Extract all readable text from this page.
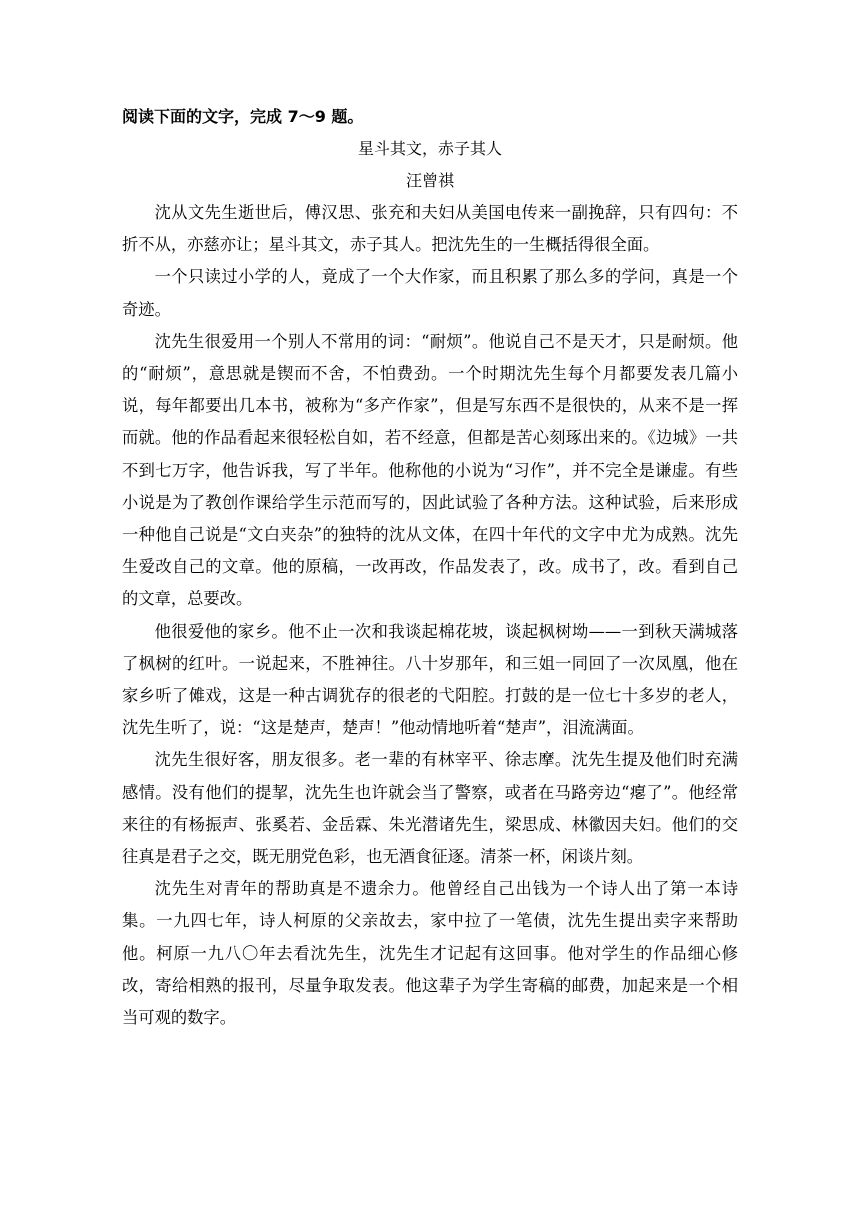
阅读下面的文字，完成 7～9 题。

星斗其文，赤子其人

汪曾祺

沈从文先生逝世后，傅汉思、张充和夫妇从美国电传来一副挽辞，只有四句：不折不从，亦慈亦让；星斗其文，赤子其人。把沈先生的一生概括得很全面。

一个只读过小学的人，竟成了一个大作家，而且积累了那么多的学问，真是一个奇迹。

沈先生很爱用一个别人不常用的词：“耐烦”。他说自己不是天才，只是耐烦。他的“耐烦”，意思就是锲而不舍，不怕费劲。一个时期沈先生每个月都要发表几篇小说，每年都要出几本书，被称为“多产作家”，但是写东西不是很快的，从来不是一挥而就。他的作品看起来很轻松自如，若不经意，但都是苦心刻琢出来的。《边城》一共不到七万字，他告诉我，写了半年。他称他的小说为“习作”，并不完全是谦虚。有些小说是为了教创作课给学生示范而写的，因此试验了各种方法。这种试验，后来形成一种他自己说是“文白夹杂”的独特的沈从文体，在四十年代的文字中尤为成熟。沈先生爱改自己的文章。他的原稿，一改再改，作品发表了，改。成书了，改。看到自己的文章，总要改。

他很爱他的家乡。他不止一次和我谈起棉花坡，谈起枫树坳——一到秋天满城落了枫树的红叶。一说起来，不胜神往。八十岁那年，和三姐一同回了一次凤凰，他在家乡听了傩戏，这是一种古调犹存的很老的弋阳腔。打鼓的是一位七十多岁的老人，沈先生听了，说：“这是楚声，楚声！”他动情地听着“楚声”，泪流满面。

沈先生很好客，朋友很多。老一辈的有林宰平、徐志摩。沈先生提及他们时充满感情。没有他们的提挈，沈先生也许就会当了警察，或者在马路旁边“瘪了”。他经常来往的有杨振声、张奚若、金岳霖、朱光潜诸先生，梁思成、林徽因夫妇。他们的交往真是君子之交，既无朋党色彩，也无酒食征逐。清茶一杯，闲谈片刻。

沈先生对青年的帮助真是不遗余力。他曾经自己出钱为一个诗人出了第一本诗集。一九四七年，诗人柯原的父亲故去，家中拉了一笔债，沈先生提出卖字来帮助他。柯原一九八〇年去看沈先生，沈先生才记起有这回事。他对学生的作品细心修改，寄给相熟的报刊，尽量争取发表。他这辈子为学生寄稿的邮费，加起来是一个相当可观的数字。
